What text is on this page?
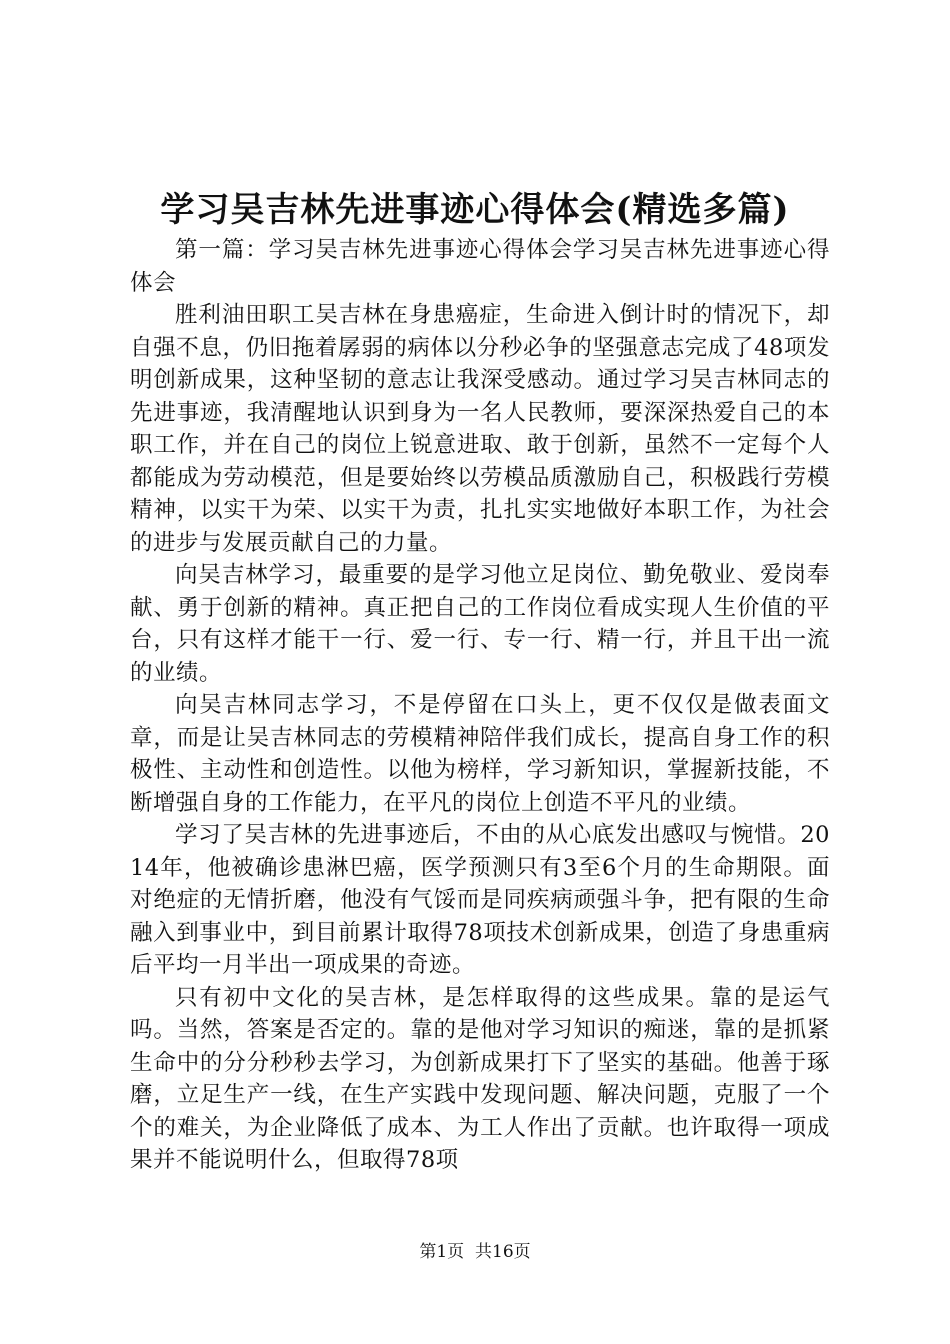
学习吴吉林先进事迹心得体会(精选多篇)

第一篇：学习吴吉林先进事迹心得体会学习吴吉林先进事迹心得体会

胜利油田职工吴吉林在身患癌症，生命进入倒计时的情况下，却自强不息，仍旧拖着孱弱的病体以分秒必争的坚强意志完成了48项发明创新成果，这种坚韧的意志让我深受感动。通过学习吴吉林同志的先进事迹，我清醒地认识到身为一名人民教师，要深深热爱自己的本职工作，并在自己的岗位上锐意进取、敢于创新，虽然不一定每个人都能成为劳动模范，但是要始终以劳模品质激励自己，积极践行劳模精神，以实干为荣、以实干为责，扎扎实实地做好本职工作，为社会的进步与发展贡献自己的力量。

向吴吉林学习，最重要的是学习他立足岗位、勤免敬业、爱岗奉献、勇于创新的精神。真正把自己的工作岗位看成实现人生价值的平台，只有这样才能干一行、爱一行、专一行、精一行，并且干出一流的业绩。

向吴吉林同志学习，不是停留在口头上，更不仅仅是做表面文章，而是让吴吉林同志的劳模精神陪伴我们成长，提高自身工作的积极性、主动性和创造性。以他为榜样，学习新知识，掌握新技能，不断增强自身的工作能力，在平凡的岗位上创造不平凡的业绩。

学习了吴吉林的先进事迹后，不由的从心底发出感叹与惋惜。2014年，他被确诊患淋巴癌，医学预测只有3至6个月的生命期限。面对绝症的无情折磨，他没有气馁而是同疾病顽强斗争，把有限的生命融入到事业中，到目前累计取得78项技术创新成果，创造了身患重病后平均一月半出一项成果的奇迹。

只有初中文化的吴吉林，是怎样取得的这些成果。靠的是运气吗。当然，答案是否定的。靠的是他对学习知识的痴迷，靠的是抓紧生命中的分分秒秒去学习，为创新成果打下了坚实的基础。他善于琢磨，立足生产一线，在生产实践中发现问题、解决问题，克服了一个个的难关，为企业降低了成本、为工人作出了贡献。也许取得一项成果并不能说明什么，但取得78项

第1页 共16页
